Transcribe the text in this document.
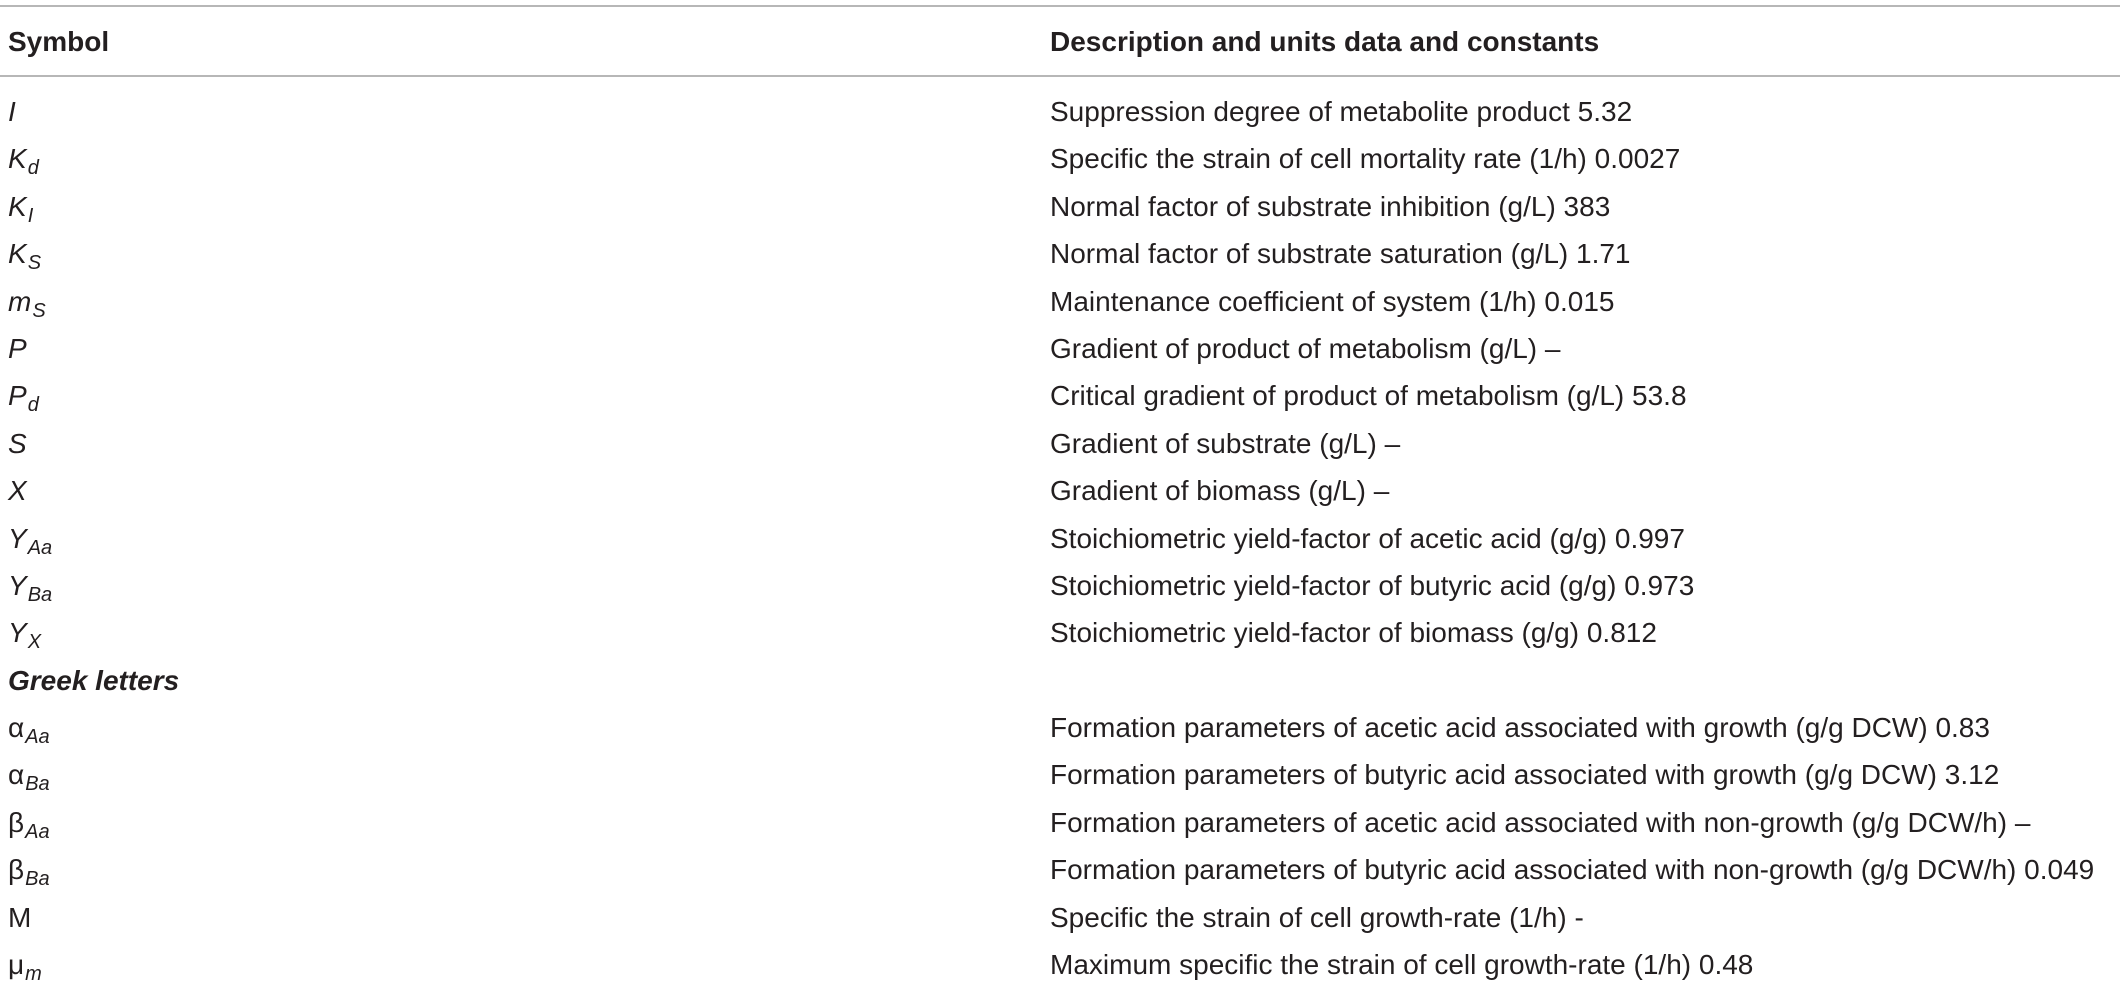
Symbol	Description and units data and constants
I	Suppression degree of metabolite product 5.32
$K_d$	Specific the strain of cell mortality rate (1/h) 0.0027
$K_I$	Normal factor of substrate inhibition (g/L) 383
$K_S$	Normal factor of substrate saturation (g/L) 1.71
$m_S$	Maintenance coefficient of system (1/h) 0.015
P	Gradient of product of metabolism (g/L) –
$P_d$	Critical gradient of product of metabolism (g/L) 53.8
S	Gradient of substrate (g/L) –
X	Gradient of biomass (g/L) –
$Y_{Aa}$	Stoichiometric yield-factor of acetic acid (g/g) 0.997
$Y_{Ba}$	Stoichiometric yield-factor of butyric acid (g/g) 0.973
$Y_X$	Stoichiometric yield-factor of biomass (g/g) 0.812
Greek letters
$\alpha_{Aa}$	Formation parameters of acetic acid associated with growth (g/g DCW) 0.83
$\alpha_{Ba}$	Formation parameters of butyric acid associated with growth (g/g DCW) 3.12
$\beta_{Aa}$	Formation parameters of acetic acid associated with non-growth (g/g DCW/h) –
$\beta_{Ba}$	Formation parameters of butyric acid associated with non-growth (g/g DCW/h) 0.049
M	Specific the strain of cell growth-rate (1/h) -
$\mu_m$	Maximum specific the strain of cell growth-rate (1/h) 0.48
